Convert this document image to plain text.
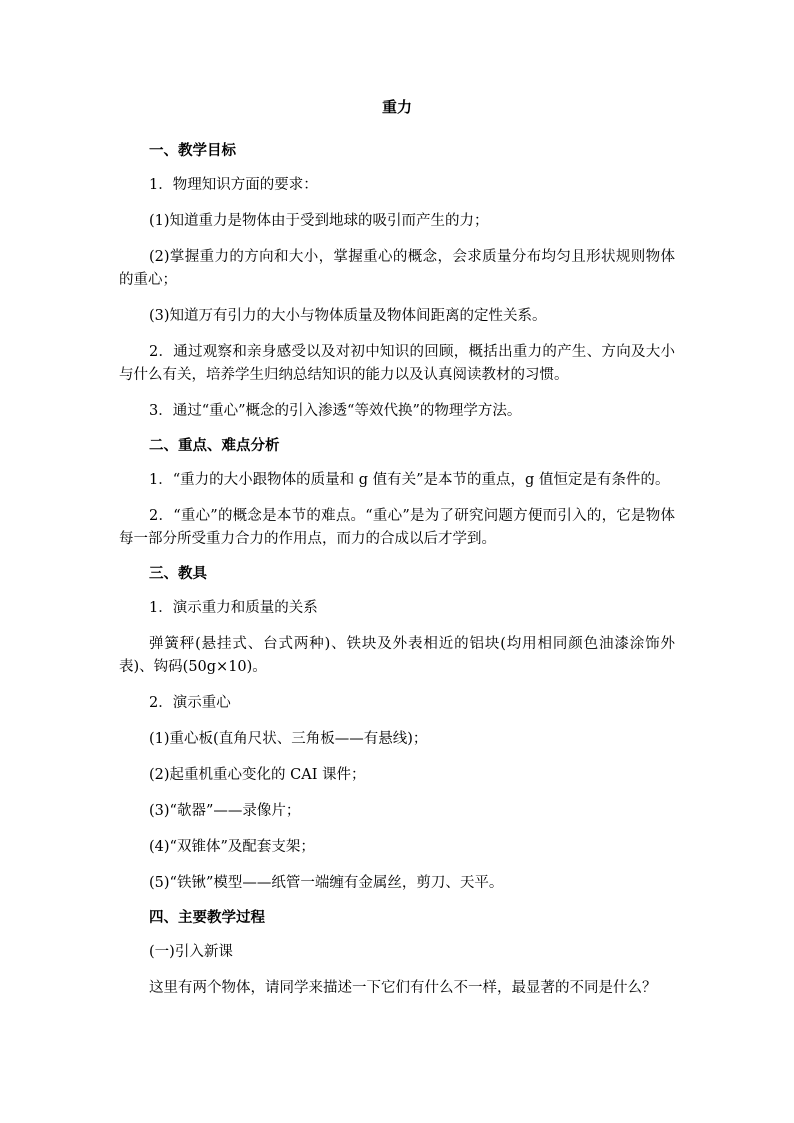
重力
一、教学目标

1．物理知识方面的要求：

(1)知道重力是物体由于受到地球的吸引而产生的力；

(2)掌握重力的方向和大小，掌握重心的概念，会求质量分布均匀且形状规则物体的重心；

(3)知道万有引力的大小与物体质量及物体间距离的定性关系。

2．通过观察和亲身感受以及对初中知识的回顾，概括出重力的产生、方向及大小与什么有关，培养学生归纳总结知识的能力以及认真阅读教材的习惯。

3．通过“重心”概念的引入渗透“等效代换”的物理学方法。

二、重点、难点分析

1．“重力的大小跟物体的质量和 g 值有关”是本节的重点，g 值恒定是有条件的。

2．“重心”的概念是本节的难点。“重心”是为了研究问题方便而引入的，它是物体每一部分所受重力合力的作用点，而力的合成以后才学到。

三、教具

1．演示重力和质量的关系

弹簧秤(悬挂式、台式两种)、铁块及外表相近的铝块(均用相同颜色油漆涂饰外表)、钩码(50g×10)。

2．演示重心

(1)重心板(直角尺状、三角板——有悬线)；

(2)起重机重心变化的 CAI 课件；

(3)“欹器”——录像片；

(4)“双锥体”及配套支架；

(5)“铁锹”模型——纸管一端缠有金属丝，剪刀、天平。

四、主要教学过程

(一)引入新课

这里有两个物体，请同学来描述一下它们有什么不一样，最显著的不同是什么？
